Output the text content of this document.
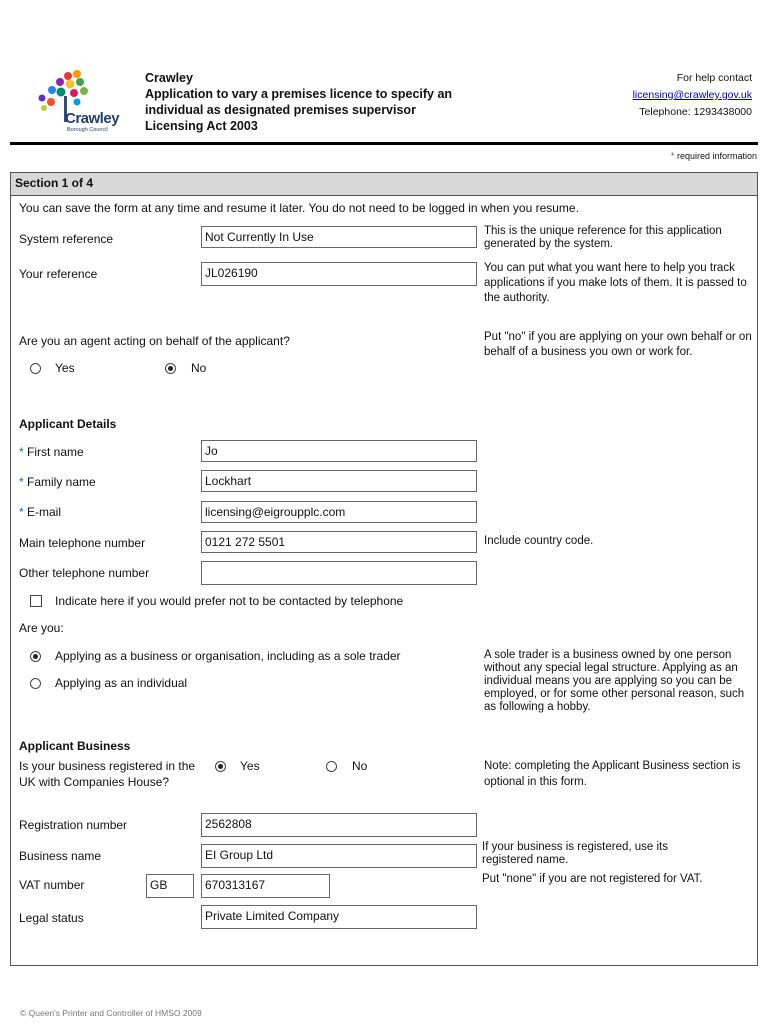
Crawley
Borough Council
Crawley
Application to vary a premises licence to specify an
individual as designated premises supervisor
Licensing Act 2003
For help contact
licensing@crawley.gov.uk
Telephone: 1293438000
* required information
Section 1 of 4
You can save the form at any time and resume it later. You do not need to be logged in when you resume.
System reference	Not Currently In Use	This is the unique reference for this application generated by the system.
Your reference	JL026190	You can put what you want here to help you track applications if you make lots of them. It is passed to the authority.
Are you an agent acting on behalf of the applicant?	Put "no" if you are applying on your own behalf or on behalf of a business you own or work for.
Yes	No
Applicant Details
* First name	Jo
* Family name	Lockhart
* E-mail	licensing@eigroupplc.com
Main telephone number	0121 272 5501	Include country code.
Other telephone number
Indicate here if you would prefer not to be contacted by telephone
Are you:
Applying as a business or organisation, including as a sole trader
Applying as an individual
A sole trader is a business owned by one person without any special legal structure. Applying as an individual means you are applying so you can be employed, or for some other personal reason, such as following a hobby.
Applicant Business
Is your business registered in the UK with Companies House?
Yes	No	Note: completing the Applicant Business section is optional in this form.
Registration number	2562808
Business name	EI Group Ltd
If your business is registered, use its registered name.
VAT number	GB	670313167	Put "none" if you are not registered for VAT.
Legal status	Private Limited Company
© Queen's Printer and Controller of HMSO 2009
